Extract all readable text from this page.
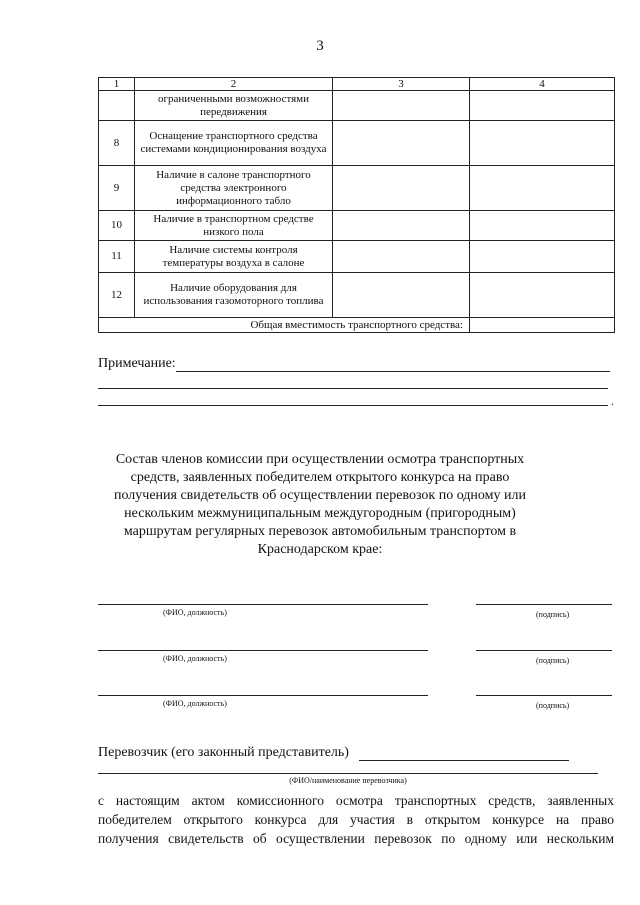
3
1	2	3	4
	ограниченными возможностями передвижения		
8	Оснащение транспортного средства системами кондиционирования воздуха		
9	Наличие в салоне транспортного средства электронного информационного табло		
10	Наличие в транспортном средстве низкого пола		
11	Наличие системы контроля температуры воздуха в салоне		
12	Наличие оборудования для использования газомоторного топлива		
Общая вместимость транспортного средства:			
Примечание:
.
Состав членов комиссии при осуществлении осмотра транспортных средств, заявленных победителем открытого конкурса на право получения свидетельств об осуществлении перевозок по одному или нескольким межмуниципальным междугородным (пригородным) маршрутам регулярных перевозок автомобильным транспортом в Краснодарском крае:
(ФИО, должность)	(подпись)
(ФИО, должность)	(подпись)
(ФИО, должность)	(подпись)
Перевозчик (его законный представитель)
(ФИО/наименование перевозчика)
с настоящим актом комиссионного осмотра транспортных средств, заявленных
победителем открытого конкурса для участия в открытом конкурсе на право
получения свидетельств об осуществлении перевозок по одному или нескольким
